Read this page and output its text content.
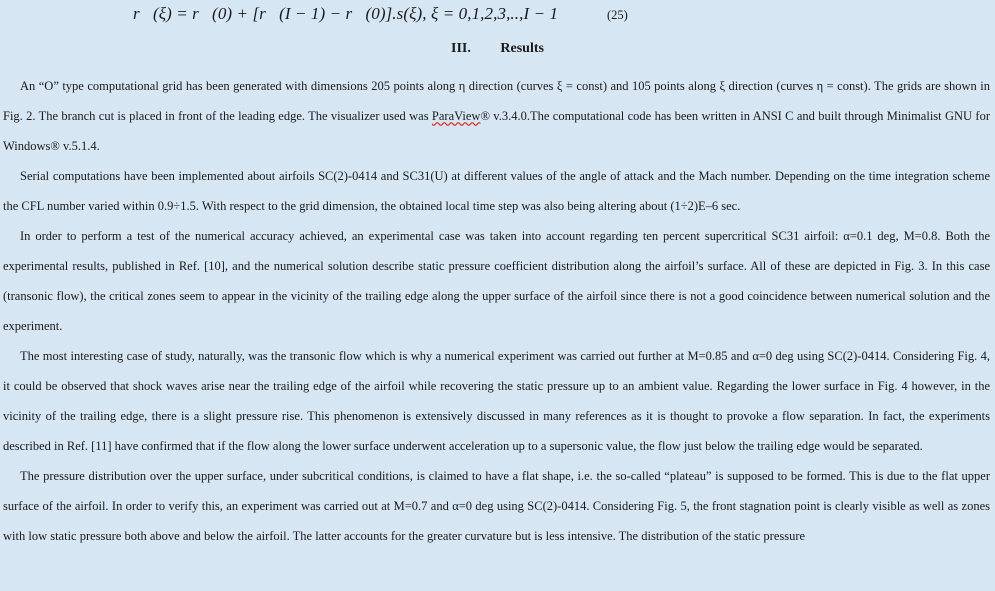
r⃗(ξ) = r⃗(0) + [r⃗(I − 1) − r⃗(0)].s(ξ), ξ = 0,1,2,3,..,I − 1	(25)
III. Results

An “O” type computational grid has been generated with dimensions 205 points along η direction (curves ξ = const) and 105 points along ξ direction (curves η = const). The grids are shown in Fig. 2. The branch cut is placed in front of the leading edge. The visualizer used was ParaView® v.3.4.0.The computational code has been written in ANSI C and built through Minimalist GNU for Windows® v.5.1.4.

Serial computations have been implemented about airfoils SC(2)-0414 and SC31(U) at different values of the angle of attack and the Mach number. Depending on the time integration scheme the CFL number varied within 0.9÷1.5. With respect to the grid dimension, the obtained local time step was also being altering about (1÷2)E–6 sec.

In order to perform a test of the numerical accuracy achieved, an experimental case was taken into account regarding ten percent supercritical SC31 airfoil: α=0.1 deg, M=0.8. Both the experimental results, published in Ref. [10], and the numerical solution describe static pressure coefficient distribution along the airfoil’s surface. All of these are depicted in Fig. 3. In this case (transonic flow), the critical zones seem to appear in the vicinity of the trailing edge along the upper surface of the airfoil since there is not a good coincidence between numerical solution and the experiment.

The most interesting case of study, naturally, was the transonic flow which is why a numerical experiment was carried out further at M=0.85 and α=0 deg using SC(2)-0414. Considering Fig. 4, it could be observed that shock waves arise near the trailing edge of the airfoil while recovering the static pressure up to an ambient value. Regarding the lower surface in Fig. 4 however, in the vicinity of the trailing edge, there is a slight pressure rise. This phenomenon is extensively discussed in many references as it is thought to provoke a flow separation. In fact, the experiments described in Ref. [11] have confirmed that if the flow along the lower surface underwent acceleration up to a supersonic value, the flow just below the trailing edge would be separated.

The pressure distribution over the upper surface, under subcritical conditions, is claimed to have a flat shape, i.e. the so-called “plateau” is supposed to be formed. This is due to the flat upper surface of the airfoil. In order to verify this, an experiment was carried out at M=0.7 and α=0 deg using SC(2)-0414. Considering Fig. 5, the front stagnation point is clearly visible as well as zones with low static pressure both above and below the airfoil. The latter accounts for the greater curvature but is less intensive. The distribution of the static pressure
